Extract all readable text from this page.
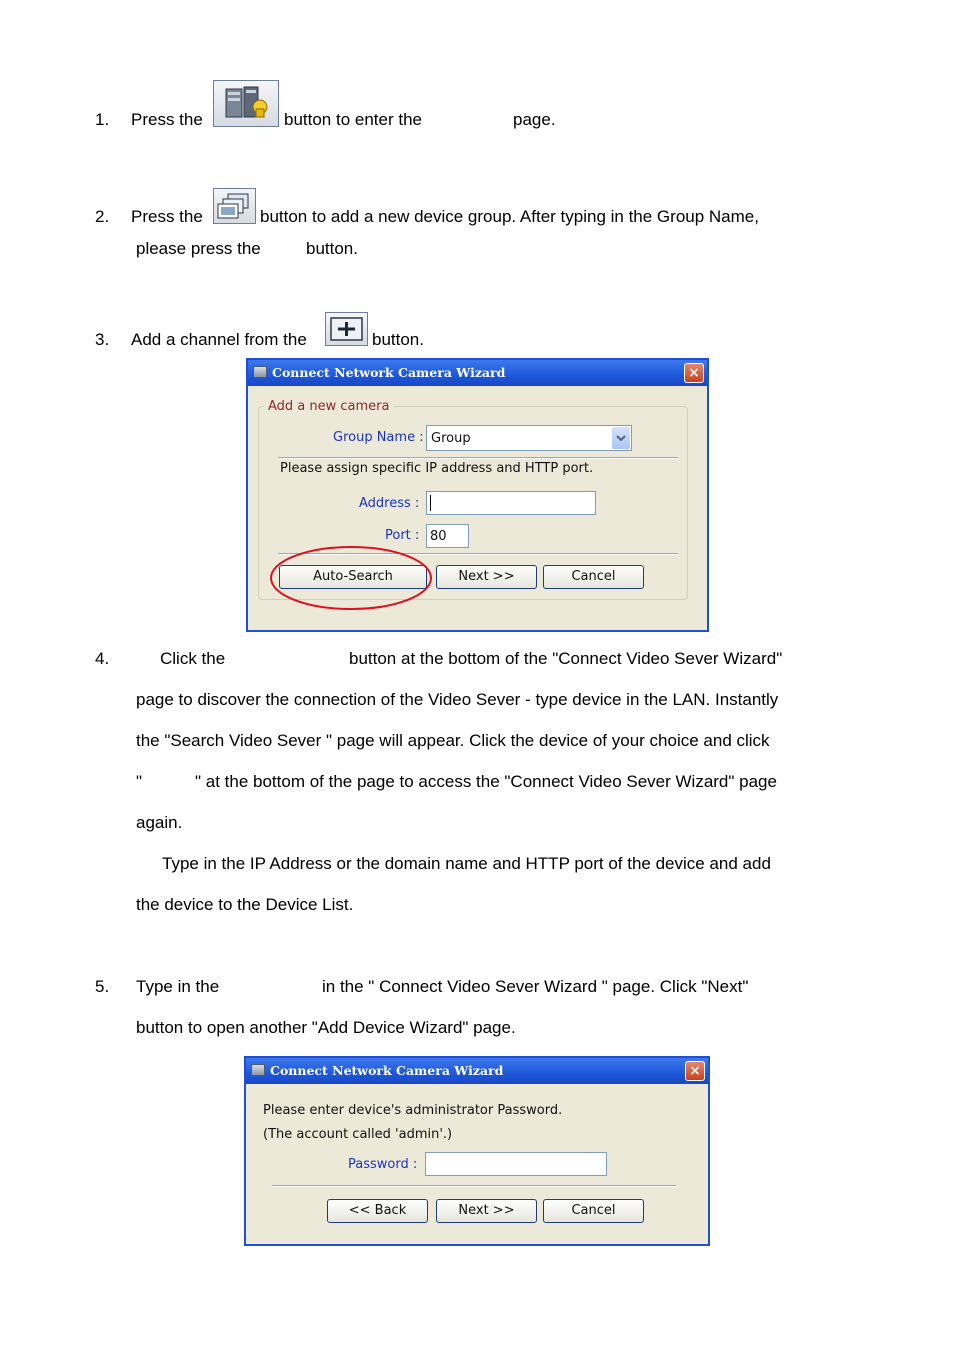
1. Press the	button to enter the	page.
2. Press the	button to add a new device group. After typing in the Group Name,
please press the	button.
3. Add a channel from the	button.
Connect Network Camera Wizard	×
Add a new camera
Group Name : Group
Please assign specific IP address and HTTP port.
Address :
Port : 80
Auto-Search	Next >>	Cancel
4.	Click the	button at the bottom of the "Connect Video Sever Wizard"
page to discover the connection of the Video Sever - type device in the LAN. Instantly
the "Search Video Sever " page will appear. Click the device of your choice and click
"	" at the bottom of the page to access the "Connect Video Sever Wizard" page
again.
Type in the IP Address or the domain name and HTTP port of the device and add
the device to the Device List.
5. Type in the	in the " Connect Video Sever Wizard " page. Click "Next"
button to open another "Add Device Wizard" page.
Connect Network Camera Wizard	×
Please enter device's administrator Password.
(The account called 'admin'.)
Password :
<< Back	Next >>	Cancel
